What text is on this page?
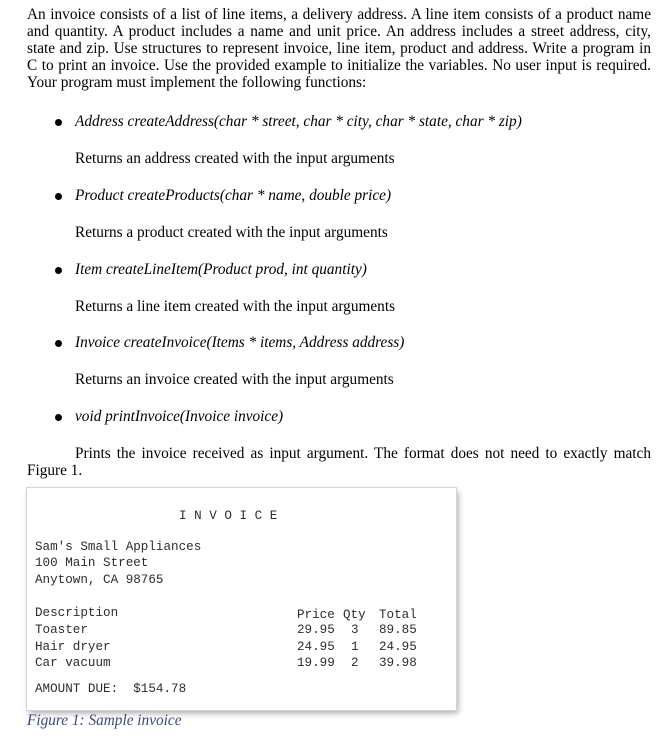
An invoice consists of a list of line items, a delivery address. A line item consists of a product name and quantity. A product includes a name and unit price. An address includes a street address, city, state and zip. Use structures to represent invoice, line item, product and address. Write a program in C to print an invoice. Use the provided example to initialize the variables. No user input is required. Your program must implement the following functions:

Address createAddress(char * street, char * city, char * state, char * zip)
Returns an address created with the input arguments
Product createProducts(char * name, double price)
Returns a product created with the input arguments
Item createLineItem(Product prod, int quantity)
Returns a line item created with the input arguments
Invoice createInvoice(Items * items, Address address)
Returns an invoice created with the input arguments
void printInvoice(Invoice invoice)
Prints the invoice received as input argument. The format does not need to exactly match
Figure 1.
I N V O I C E
Sam's Small Appliances
100 Main Street
Anytown, CA 98765
Description	Price Qty Total
Toaster	29.95 3 89.85
Hair dryer	24.95 1 24.95
Car vacuum	19.99 2 39.98
AMOUNT DUE:  $154.78
Figure 1: Sample invoice
